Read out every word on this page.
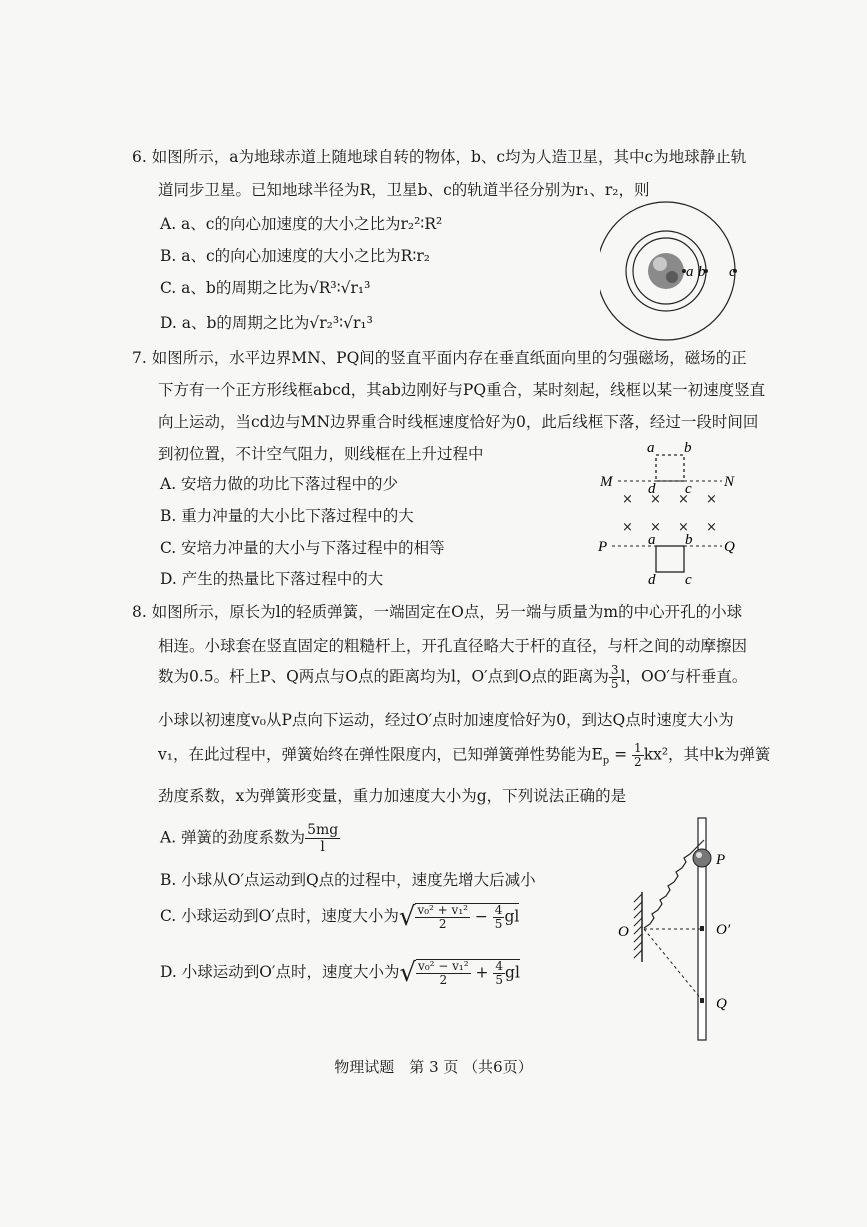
6. 如图所示，a为地球赤道上随地球自转的物体，b、c均为人造卫星，其中c为地球静止轨
道同步卫星。已知地球半径为R，卫星b、c的轨道半径分别为r₁、r₂，则
A. a、c的向心加速度的大小之比为r₂²∶R²
B. a、c的向心加速度的大小之比为R∶r₂
C. a、b的周期之比为√R³∶√r₁³
D. a、b的周期之比为√r₂³∶√r₁³
a b c
7. 如图所示，水平边界MN、PQ间的竖直平面内存在垂直纸面向里的匀强磁场，磁场的正
下方有一个正方形线框abcd，其ab边刚好与PQ重合，某时刻起，线框以某一初速度竖直
向上运动，当cd边与MN边界重合时线框速度恰好为0，此后线框下落，经过一段时间回
到初位置，不计空气阻力，则线框在上升过程中
A. 安培力做的功比下落过程中的少
B. 重力冲量的大小比下落过程中的大
C. 安培力冲量的大小与下落过程中的相等
D. 产生的热量比下落过程中的大
M	N
P	Q
a b
d c
a b
d c
× × × ×
× × × ×
8. 如图所示，原长为l的轻质弹簧，一端固定在O点，另一端与质量为m的中心开孔的小球
相连。小球套在竖直固定的粗糙杆上，开孔直径略大于杆的直径，与杆之间的动摩擦因
数为0.5。杆上P、Q两点与O点的距离均为l，O′点到O点的距离为 $\frac{3}{5}$ l，OO′与杆垂直。
小球以初速度v₀从P点向下运动，经过O′点时加速度恰好为0，到达Q点时速度大小为
v₁，在此过程中，弹簧始终在弹性限度内，已知弹簧弹性势能为$E_p = \frac{1}{2} kx^2$，其中k为弹簧
劲度系数，x为弹簧形变量，重力加速度大小为g，下列说法正确的是
A. 弹簧的劲度系数为 $\frac{5mg}{l}$
B. 小球从O′点运动到Q点的过程中，速度先增大后减小
C. 小球运动到O′点时，速度大小为√ $\frac{\text{v₀² + v₁²}}{2} - \frac{4}{5}$ gl
D. 小球运动到O′点时，速度大小为√ $\frac{\text{v₀² − v₁²}}{2} + \frac{4}{5}$ gl
P
O	O′
Q
物理试题　第 3 页 （共6页）
